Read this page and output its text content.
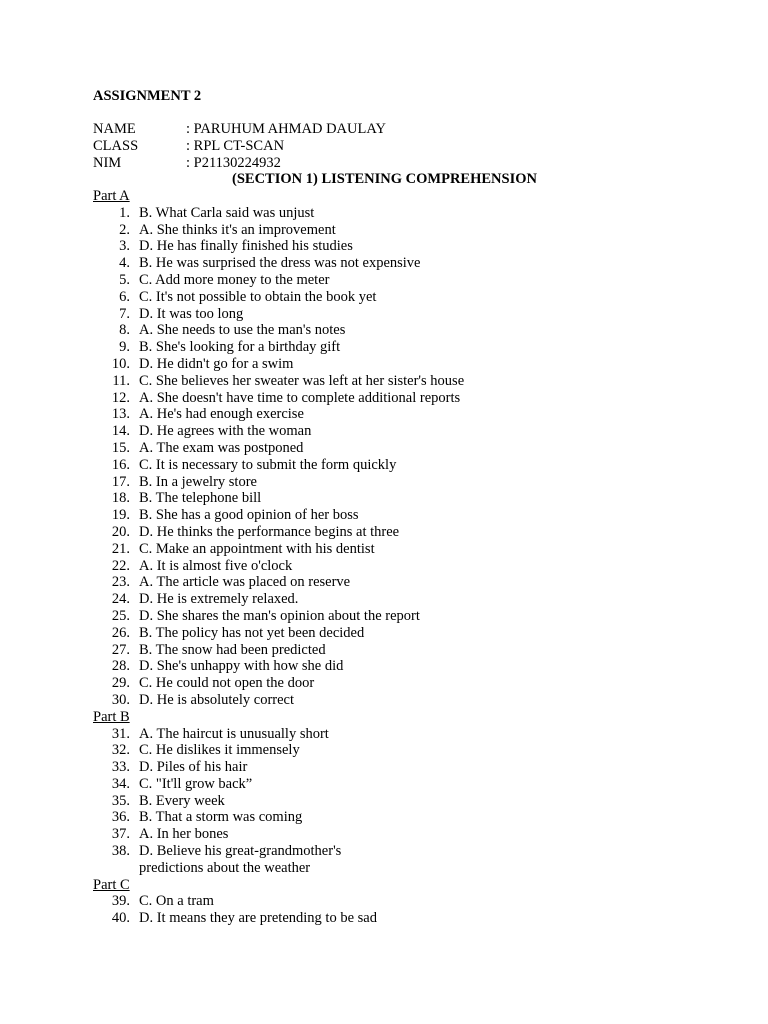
ASSIGNMENT 2
NAME	: PARUHUM AHMAD DAULAY
CLASS	: RPL CT-SCAN
NIM	: P21130224932
(SECTION 1) LISTENING COMPREHENSION
Part A
1. B. What Carla said was unjust
2. A. She thinks it's an improvement
3. D. He has finally finished his studies
4. B. He was surprised the dress was not expensive
5. C. Add more money to the meter
6. C. It's not possible to obtain the book yet
7. D. It was too long
8. A. She needs to use the man's notes
9. B. She's looking for a birthday gift
10. D. He didn't go for a swim
11. C. She believes her sweater was left at her sister's house
12. A. She doesn't have time to complete additional reports
13. A. He's had enough exercise
14. D. He agrees with the woman
15. A. The exam was postponed
16. C. It is necessary to submit the form quickly
17. B. In a jewelry store
18. B. The telephone bill
19. B. She has a good opinion of her boss
20. D. He thinks the performance begins at three
21. C. Make an appointment with his dentist
22. A. It is almost five o'clock
23. A. The article was placed on reserve
24. D. He is extremely relaxed.
25. D. She shares the man's opinion about the report
26. B. The policy has not yet been decided
27. B. The snow had been predicted
28. D. She's unhappy with how she did
29. C. He could not open the door
30. D. He is absolutely correct
Part B
31. A. The haircut is unusually short
32. C. He dislikes it immensely
33. D. Piles of his hair
34. C. "It'll grow back”
35. B. Every week
36. B. That a storm was coming
37. A. In her bones
38. D. Believe his great-grandmother's
predictions about the weather
Part C
39. C. On a tram
40. D. It means they are pretending to be sad
